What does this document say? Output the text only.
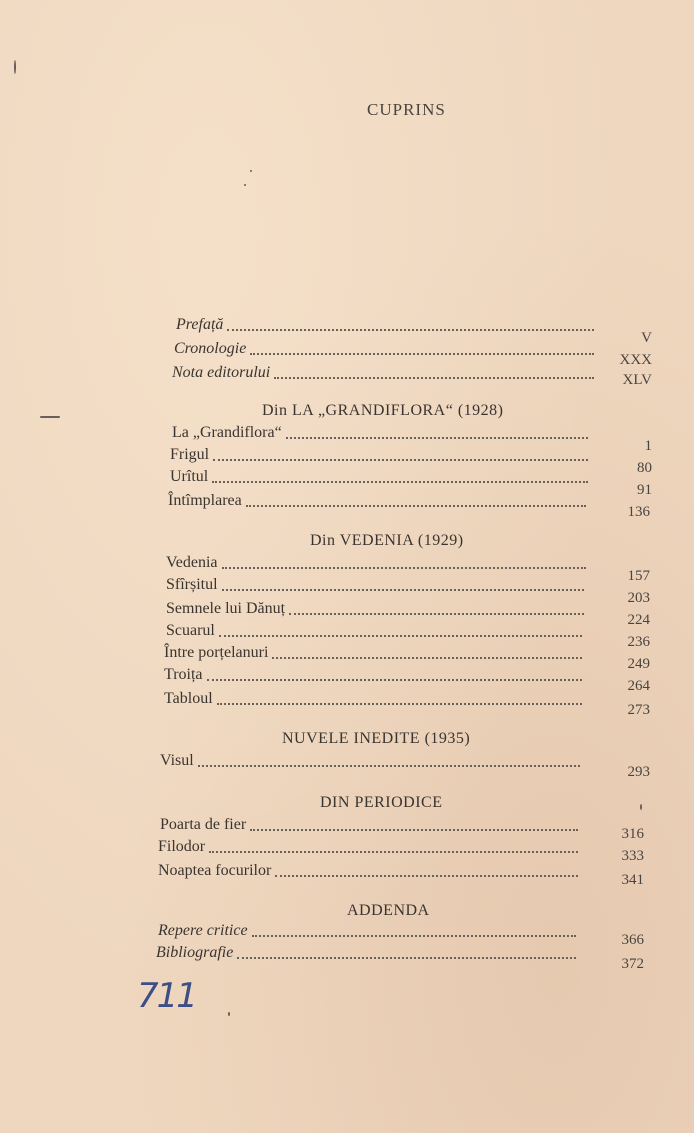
CUPRINS
Prefață
V
Cronologie
XXX
Nota editorului	XLV
Din LA „GRANDIFLORA“ (1928)
La „Grandiflora“
1
Frigul
80
Urîtul
91
Întîmplarea
136
Din VEDENIA (1929)
Vedenia
157
Sfîrșitul
203
Semnele lui Dănuț
224
Scuarul
236
Între porțelanuri
249
Troița
264
Tabloul
273
NUVELE INEDITE (1935)
Visul
293
DIN PERIODICE
Poarta de fier
316
Filodor
333
Noaptea focurilor
341
ADDENDA
Repere critice
366
Bibliografie
372
711
